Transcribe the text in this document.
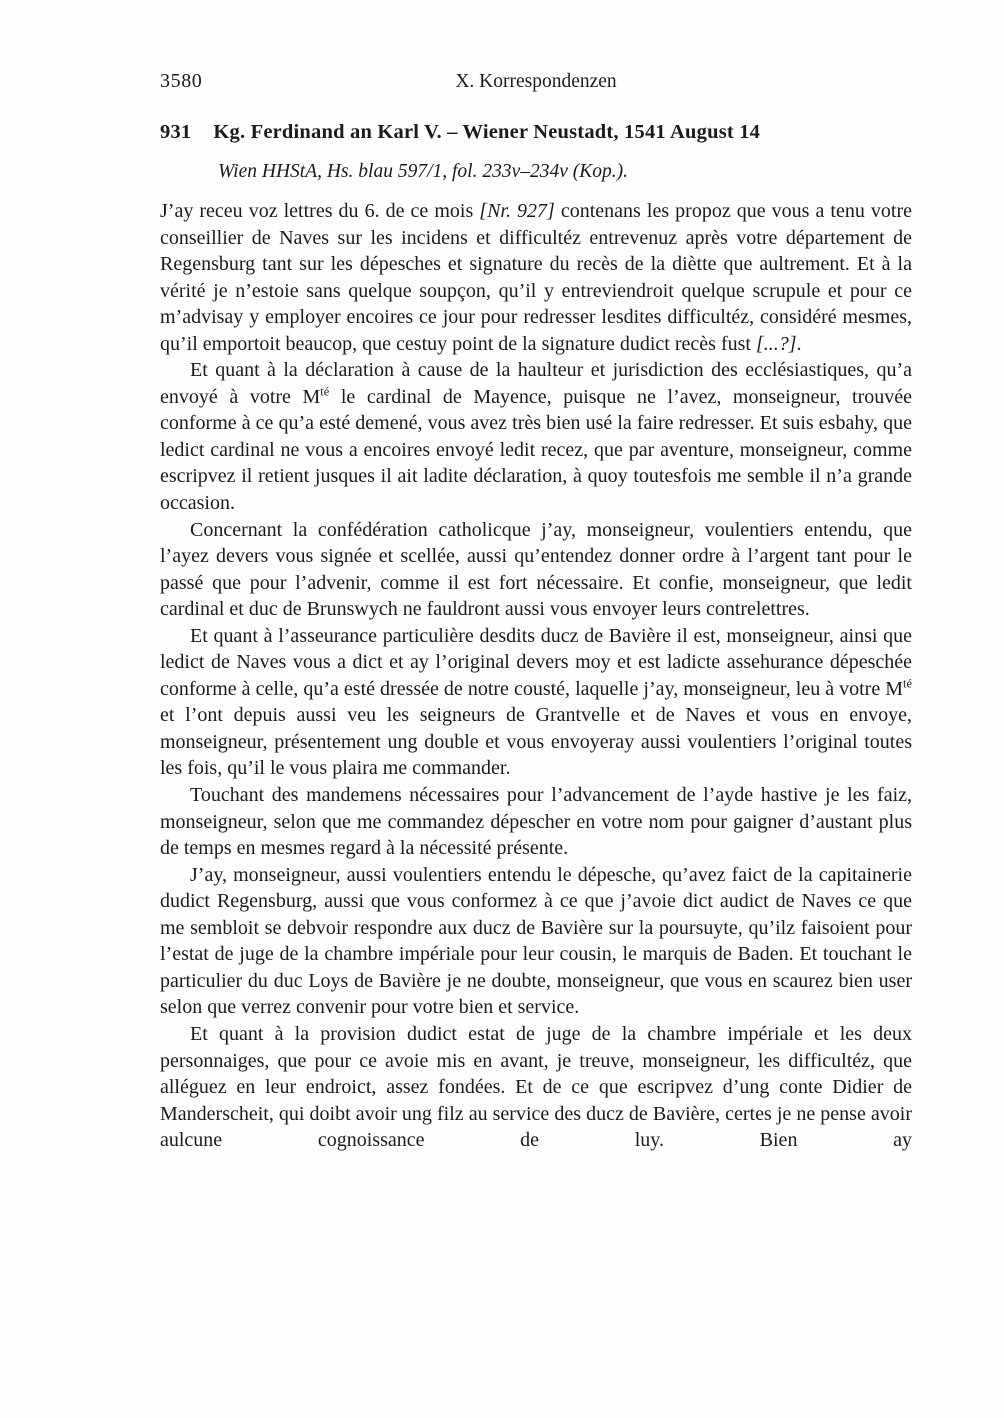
3580	X. Korrespondenzen
931 Kg. Ferdinand an Karl V. – Wiener Neustadt, 1541 August 14

Wien HHStA, Hs. blau 597/1, fol. 233v–234v (Kop.).

J’ay receu voz lettres du 6. de ce mois [Nr. 927] contenans les propoz que vous a tenu votre conseillier de Naves sur les incidens et difficultéz entrevenuz après votre département de Regensburg tant sur les dépesches et signature du recès de la diètte que aultrement. Et à la vérité je n’estoie sans quelque soupçon, qu’il y entreviendroit quelque scrupule et pour ce m’advisay y employer encoires ce jour pour redresser lesdites difficultéz, considéré mesmes, qu’il emportoit beaucop, que cestuy point de la signature dudict recès fust [...?].

Et quant à la déclaration à cause de la haulteur et jurisdiction des ecclésiastiques, qu’a envoyé à votre $M^{té}$ le cardinal de Mayence, puisque ne l’avez, monseigneur, trouvée conforme à ce qu’a esté demené, vous avez très bien usé la faire redresser. Et suis esbahy, que ledict cardinal ne vous a encoires envoyé ledit recez, que par aventure, monseigneur, comme escripvez il retient jusques il ait ladite déclaration, à quoy toutesfois me semble il n’a grande occasion.

Concernant la confédération catholicque j’ay, monseigneur, voulentiers entendu, que l’ayez devers vous signée et scellée, aussi qu’entendez donner ordre à l’argent tant pour le passé que pour l’advenir, comme il est fort nécessaire. Et confie, monseigneur, que ledit cardinal et duc de Brunswych ne fauldront aussi vous envoyer leurs contrelettres.

Et quant à l’asseurance particulière desdits ducz de Bavière il est, monseigneur, ainsi que ledict de Naves vous a dict et ay l’original devers moy et est ladicte assehurance dépeschée conforme à celle, qu’a esté dressée de notre cousté, laquelle j’ay, monseigneur, leu à votre $M^{té}$ et l’ont depuis aussi veu les seigneurs de Grantvelle et de Naves et vous en envoye, monseigneur, présentement ung double et vous envoyeray aussi voulentiers l’original toutes les fois, qu’il le vous plaira me commander.

Touchant des mandemens nécessaires pour l’advancement de l’ayde hastive je les faiz, monseigneur, selon que me commandez dépescher en votre nom pour gaigner d’austant plus de temps en mesmes regard à la nécessité présente.

J’ay, monseigneur, aussi voulentiers entendu le dépesche, qu’avez faict de la capitainerie dudict Regensburg, aussi que vous conformez à ce que j’avoie dict audict de Naves ce que me sembloit se debvoir respondre aux ducz de Bavière sur la poursuyte, qu’ilz faisoient pour l’estat de juge de la chambre impériale pour leur cousin, le marquis de Baden. Et touchant le particulier du duc Loys de Bavière je ne doubte, monseigneur, que vous en scaurez bien user selon que verrez convenir pour votre bien et service.

Et quant à la provision dudict estat de juge de la chambre impériale et les deux personnaiges, que pour ce avoie mis en avant, je treuve, monseigneur, les difficultéz, que alléguez en leur endroict, assez fondées. Et de ce que escripvez d’ung conte Didier de Manderscheit, qui doibt avoir ung filz au service des ducz de Bavière, certes je ne pense avoir aulcune cognoissance de luy. Bien ay
